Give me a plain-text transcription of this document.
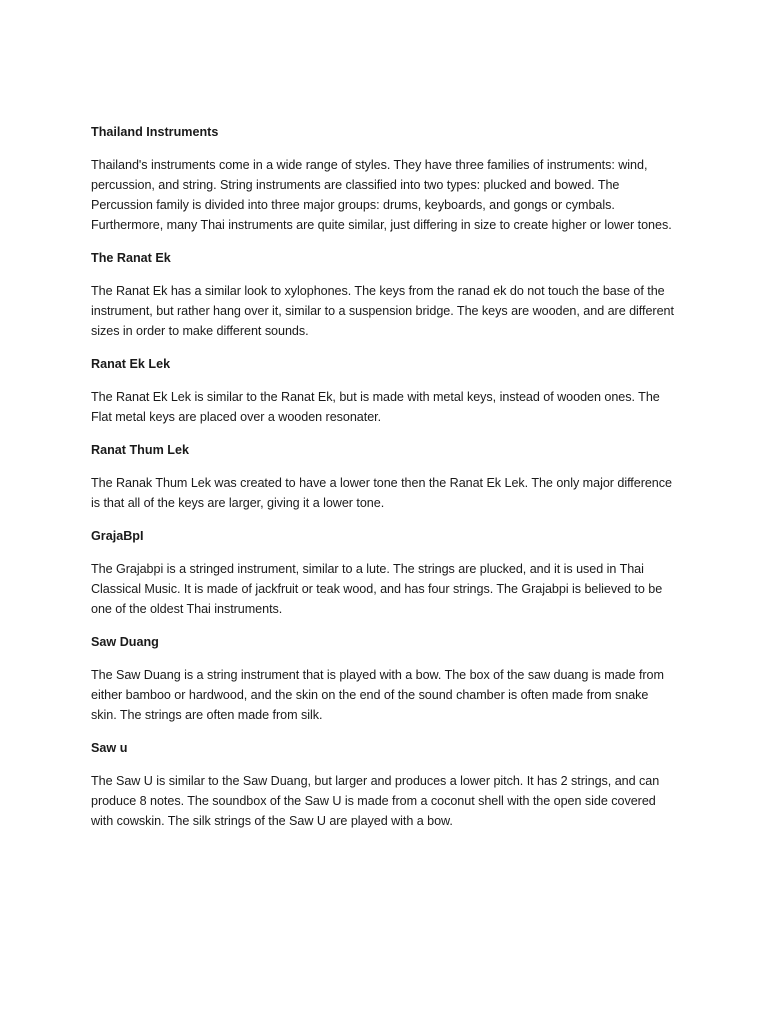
Thailand Instruments

Thailand's instruments come in a wide range of styles. They have three families of instruments: wind, percussion, and string. String instruments are classified into two types: plucked and bowed. The Percussion family is divided into three major groups: drums, keyboards, and gongs or cymbals. Furthermore, many Thai instruments are quite similar, just differing in size to create higher or lower tones.

The Ranat Ek

The Ranat Ek has a similar look to xylophones. The keys from the ranad ek do not touch the base of the instrument, but rather hang over it, similar to a suspension bridge. The keys are wooden, and are different sizes in order to make different sounds.

Ranat Ek Lek

The Ranat Ek Lek is similar to the Ranat Ek, but is made with metal keys, instead of wooden ones. The Flat metal keys are placed over a wooden resonater.

Ranat Thum Lek

The Ranak Thum Lek was created to have a lower tone then the Ranat Ek Lek. The only major difference is that all of the keys are larger, giving it a lower tone.

GrajaBpI

The Grajabpi is a stringed instrument, similar to a lute. The strings are plucked, and it is used in Thai Classical Music. It is made of jackfruit or teak wood, and has four strings. The Grajabpi is believed to be one of the oldest Thai instruments.

Saw Duang

The Saw Duang is a string instrument that is played with a bow. The box of the saw duang is made from either bamboo or hardwood, and the skin on the end of the sound chamber is often made from snake skin. The strings are often made from silk.

Saw u

The Saw U is similar to the Saw Duang, but larger and produces a lower pitch. It has 2 strings, and can produce 8 notes. The soundbox of the Saw U is made from a coconut shell with the open side covered with cowskin. The silk strings of the Saw U are played with a bow.
